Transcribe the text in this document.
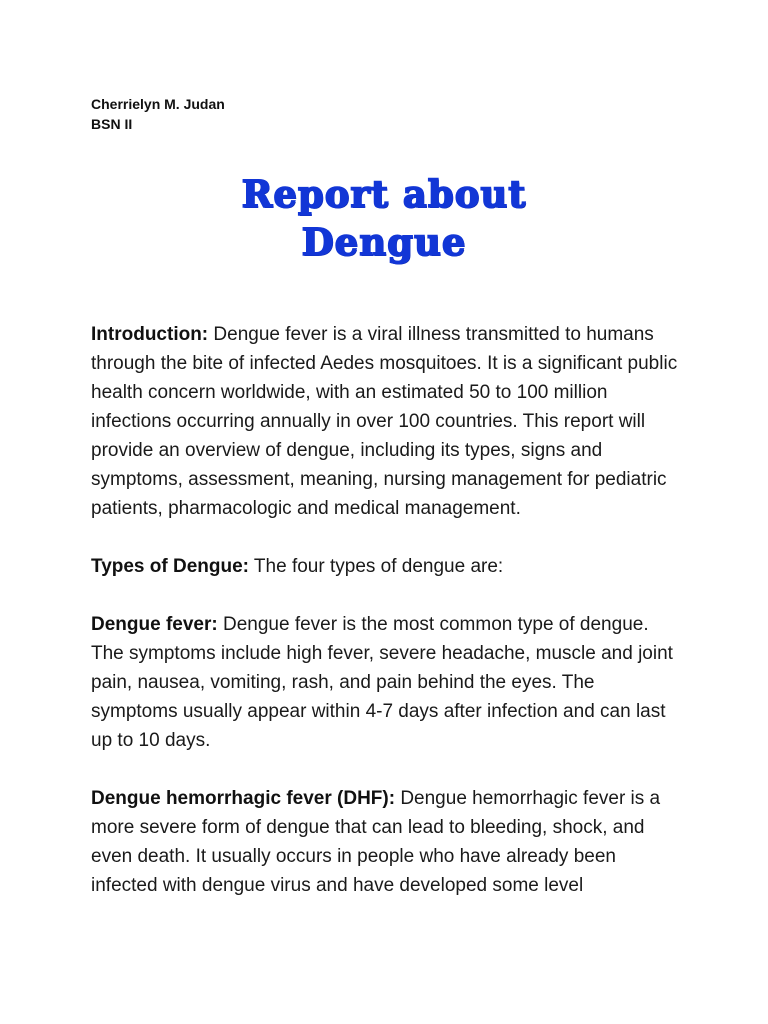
Cherrielyn M. Judan
BSN II
Report about
Dengue

Introduction: Dengue fever is a viral illness transmitted to humans through the bite of infected Aedes mosquitoes. It is a significant public health concern worldwide, with an estimated 50 to 100 million infections occurring annually in over 100 countries. This report will provide an overview of dengue, including its types, signs and symptoms, assessment, meaning, nursing management for pediatric patients, pharmacologic and medical management.

Types of Dengue: The four types of dengue are:

Dengue fever: Dengue fever is the most common type of dengue. The symptoms include high fever, severe headache, muscle and joint pain, nausea, vomiting, rash, and pain behind the eyes. The symptoms usually appear within 4-7 days after infection and can last up to 10 days.

Dengue hemorrhagic fever (DHF): Dengue hemorrhagic fever is a more severe form of dengue that can lead to bleeding, shock, and even death. It usually occurs in people who have already been infected with dengue virus and have developed some level
